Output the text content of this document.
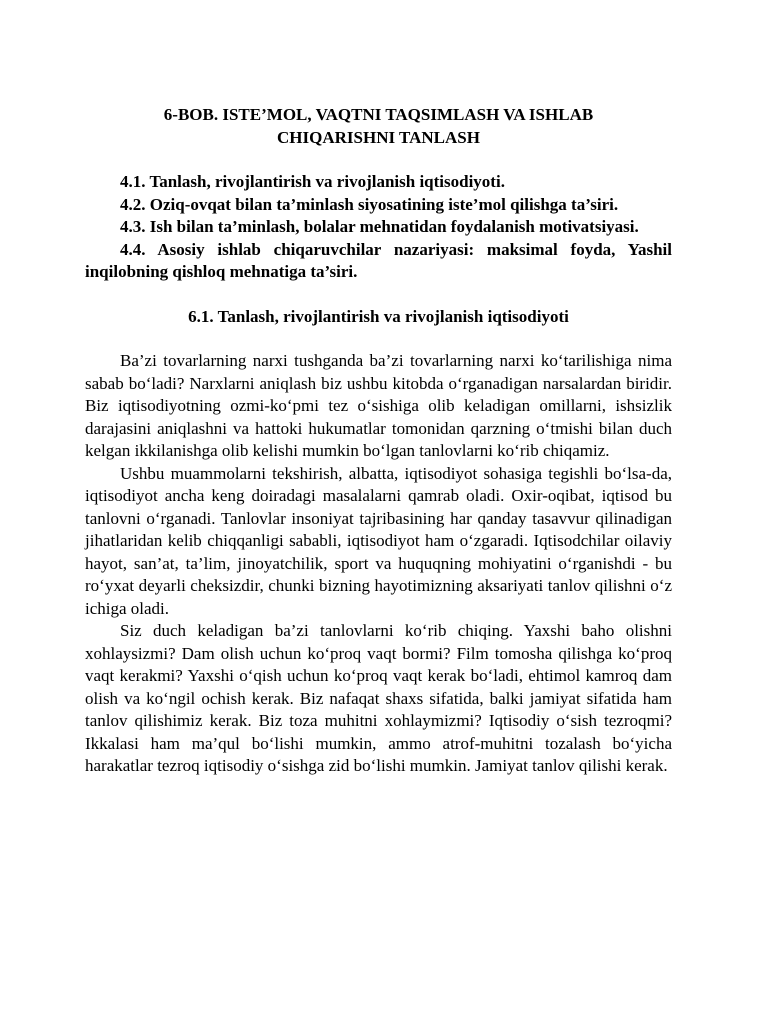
6-BOB. ISTE’MOL, VAQTNI TAQSIMLASH VA ISHLAB

CHIQARISHNI TANLASH

4.1. Tanlash, rivojlantirish va rivojlanish iqtisodiyoti.

4.2. Oziq-ovqat bilan ta’minlash siyosatining iste’mol qilishga ta’siri.

4.3. Ish bilan ta’minlash, bolalar mehnatidan foydalanish motivatsiyasi.

4.4. Asosiy ishlab chiqaruvchilar nazariyasi: maksimal foyda, Yashil inqilobning qishloq mehnatiga ta’siri.

6.1. Tanlash, rivojlantirish va rivojlanish iqtisodiyoti

Ba’zi tovarlarning narxi tushganda ba’zi tovarlarning narxi ko‘tarilishiga nima sabab bo‘ladi? Narxlarni aniqlash biz ushbu kitobda o‘rganadigan narsalardan biridir. Biz iqtisodiyotning ozmi-ko‘pmi tez o‘sishiga olib keladigan omillarni, ishsizlik darajasini aniqlashni va hattoki hukumatlar tomonidan qarzning o‘tmishi bilan duch kelgan ikkilanishga olib kelishi mumkin bo‘lgan tanlovlarni ko‘rib chiqamiz.

Ushbu muammolarni tekshirish, albatta, iqtisodiyot sohasiga tegishli bo‘lsa-da, iqtisodiyot ancha keng doiradagi masalalarni qamrab oladi. Oxir-oqibat, iqtisod bu tanlovni o‘rganadi. Tanlovlar insoniyat tajribasining har qanday tasavvur qilinadigan jihatlaridan kelib chiqqanligi sababli, iqtisodiyot ham o‘zgaradi. Iqtisodchilar oilaviy hayot, san’at, ta’lim, jinoyatchilik, sport va huquqning mohiyatini o‘rganishdi - bu ro‘yxat deyarli cheksizdir, chunki bizning hayotimizning aksariyati tanlov qilishni o‘z ichiga oladi.

Siz duch keladigan ba’zi tanlovlarni ko‘rib chiqing. Yaxshi baho olishni xohlaysizmi? Dam olish uchun ko‘proq vaqt bormi? Film tomosha qilishga ko‘proq vaqt kerakmi? Yaxshi o‘qish uchun ko‘proq vaqt kerak bo‘ladi, ehtimol kamroq dam olish va ko‘ngil ochish kerak. Biz nafaqat shaxs sifatida, balki jamiyat sifatida ham tanlov qilishimiz kerak. Biz toza muhitni xohlaymizmi? Iqtisodiy o‘sish tezroqmi? Ikkalasi ham ma’qul bo‘lishi mumkin, ammo atrof-muhitni tozalash bo‘yicha harakatlar tezroq iqtisodiy o‘sishga zid bo‘lishi mumkin. Jamiyat tanlov qilishi kerak.
